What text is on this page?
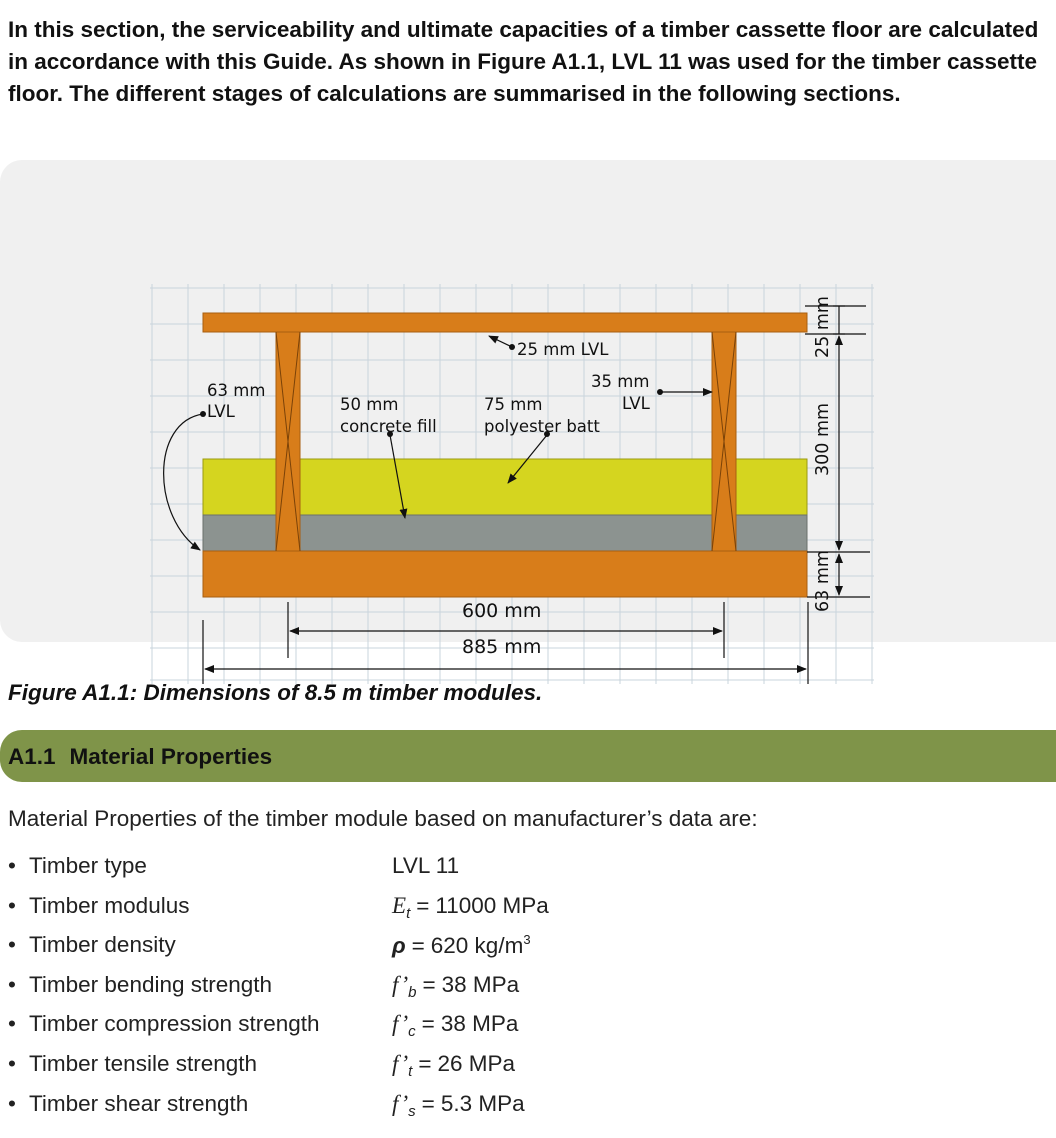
In this section, the serviceability and ultimate capacities of a timber cassette floor are calculated in accordance with this Guide. As shown in Figure A1.1, LVL 11 was used for the timber cassette floor. The different stages of calculations are summarised in the following sections.

25 mm LVL
35 mm
LVL
63 mm
LVL	50 mm
concrete fill
75 mm
polyester batt
600 mm
885 mm
25 mm
300 mm
63 mm

Figure A1.1: Dimensions of 8.5 m timber modules.

A1.1 Material Properties

Material Properties of the timber module based on manufacturer’s data are:

• Timber type	LVL 11
• Timber modulus	$E_t = 11000$ MPa
• Timber density	ρ = 620 $kg/m^3$
• Timber bending strength	$f’_b = 38$ MPa
• Timber compression strength	$f’_c = 38$ MPa
• Timber tensile strength	$f’_t = 26$ MPa
• Timber shear strength	$f’_s = 5.3$ MPa
